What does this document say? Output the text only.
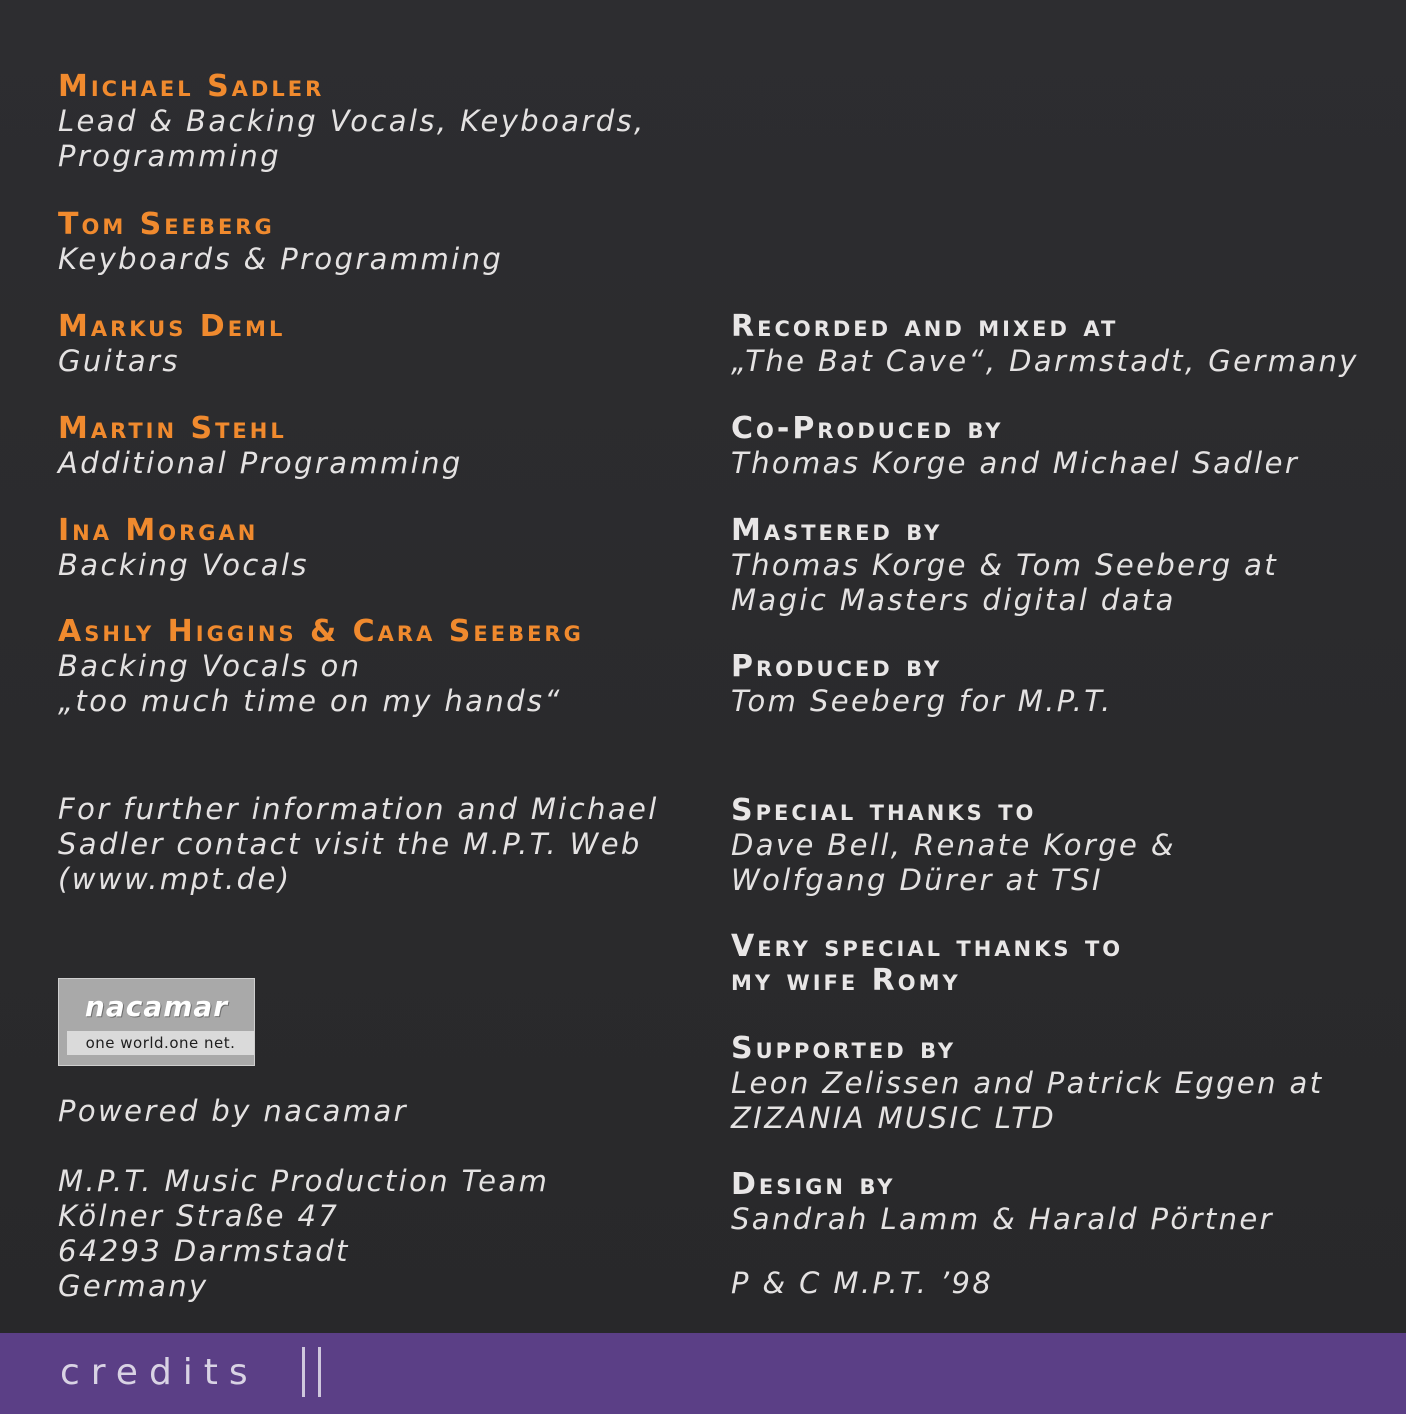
Michael Sadler
Lead & Backing Vocals, Keyboards,
Programming
Tom Seeberg
Keyboards & Programming
Markus Deml
Guitars
Martin Stehl
Additional Programming
Ina Morgan
Backing Vocals
Ashly Higgins & Cara Seeberg
Backing Vocals on
„too much time on my hands“
For further information and Michael
Sadler contact visit the M.P.T. Web
(www.mpt.de)
Powered by nacamar
M.P.T. Music Production Team
Kölner Straße 47
64293 Darmstadt
Germany
nacamar
one world.one net.
Recorded and mixed at
„The Bat Cave“, Darmstadt, Germany
Co-Produced by
Thomas Korge and Michael Sadler
Mastered by
Thomas Korge & Tom Seeberg at
Magic Masters digital data
Produced by
Tom Seeberg for M.P.T.
Special thanks to
Dave Bell, Renate Korge &
Wolfgang Dürer at TSI
Very special thanks to
my wife Romy
Supported by
Leon Zelissen and Patrick Eggen at
ZIZANIA MUSIC LTD
Design by
Sandrah Lamm & Harald Pörtner
P & C M.P.T. ’98
credits
